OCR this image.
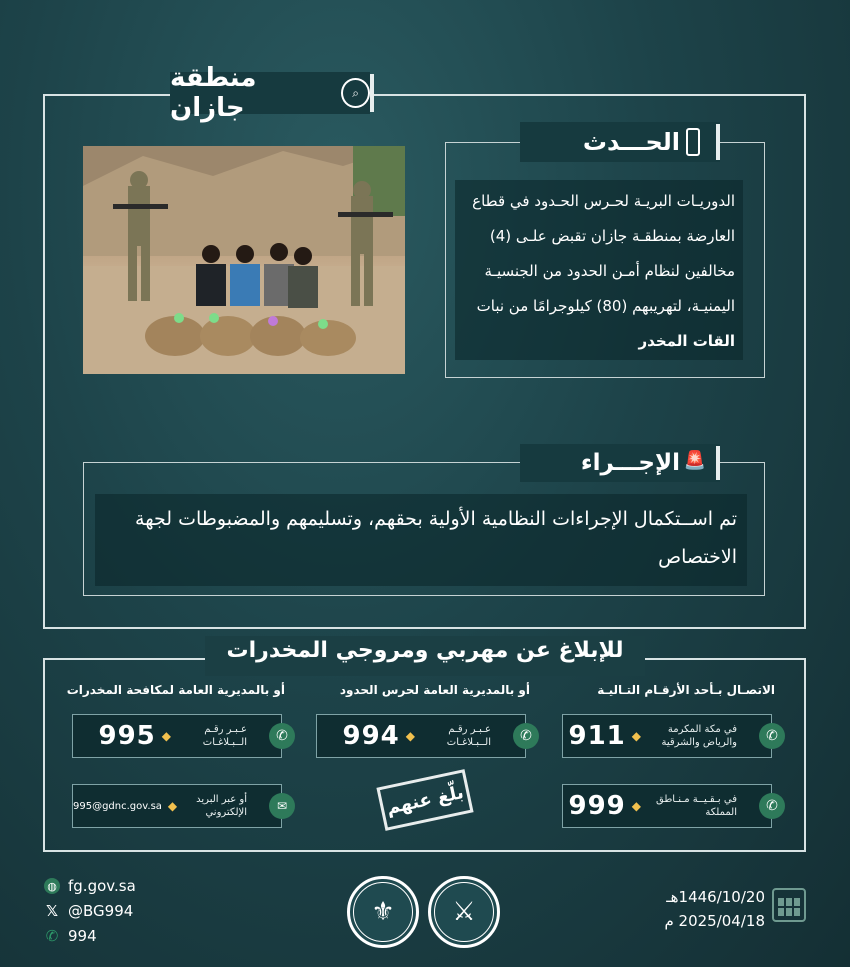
منطقة جازان
⌕
الحـــدث
الدوريـات البريـة لحـرس الحـدود في قطاع العارضة بمنطقـة جازان تقبض علـى (4) مخالفين لنظام أمـن الحدود من الجنسيـة اليمنيـة، لتهريبهم (80) كيلوجرامًا من نبات القات المخدر
الإجـــراء 🚨
تم اســتكمال الإجراءات النظامية الأولية بحقهم، وتسليمهم والمضبوطات لجهة الاختصاص
للإبلاغ عن مهربي ومروجي المخدرات
الاتصـال بـأحد الأرقـام التـاليـة
أو بالمديرية العامة لحرس الحدود
أو بالمديرية العامة لمكافحة المخدرات
✆
في مكة المكرمة والرياض والشرقية
◆
911
✆
في بـقـيــة مـنـاطق المملكة
◆
999
✆
عـبـر رقـم الــبـلاغـات
◆
994
✆
عـبـر رقـم الــبـلاغـات
◆
995
✉
أو عبر البريد الإلكتروني
◆
995@gdnc.gov.sa	بلّغ عنهم
◍ fg.gov.sa
𝕏 @BG994
✆ 994
⚜	⚔	1446/10/20هـ
2025/04/18 م
